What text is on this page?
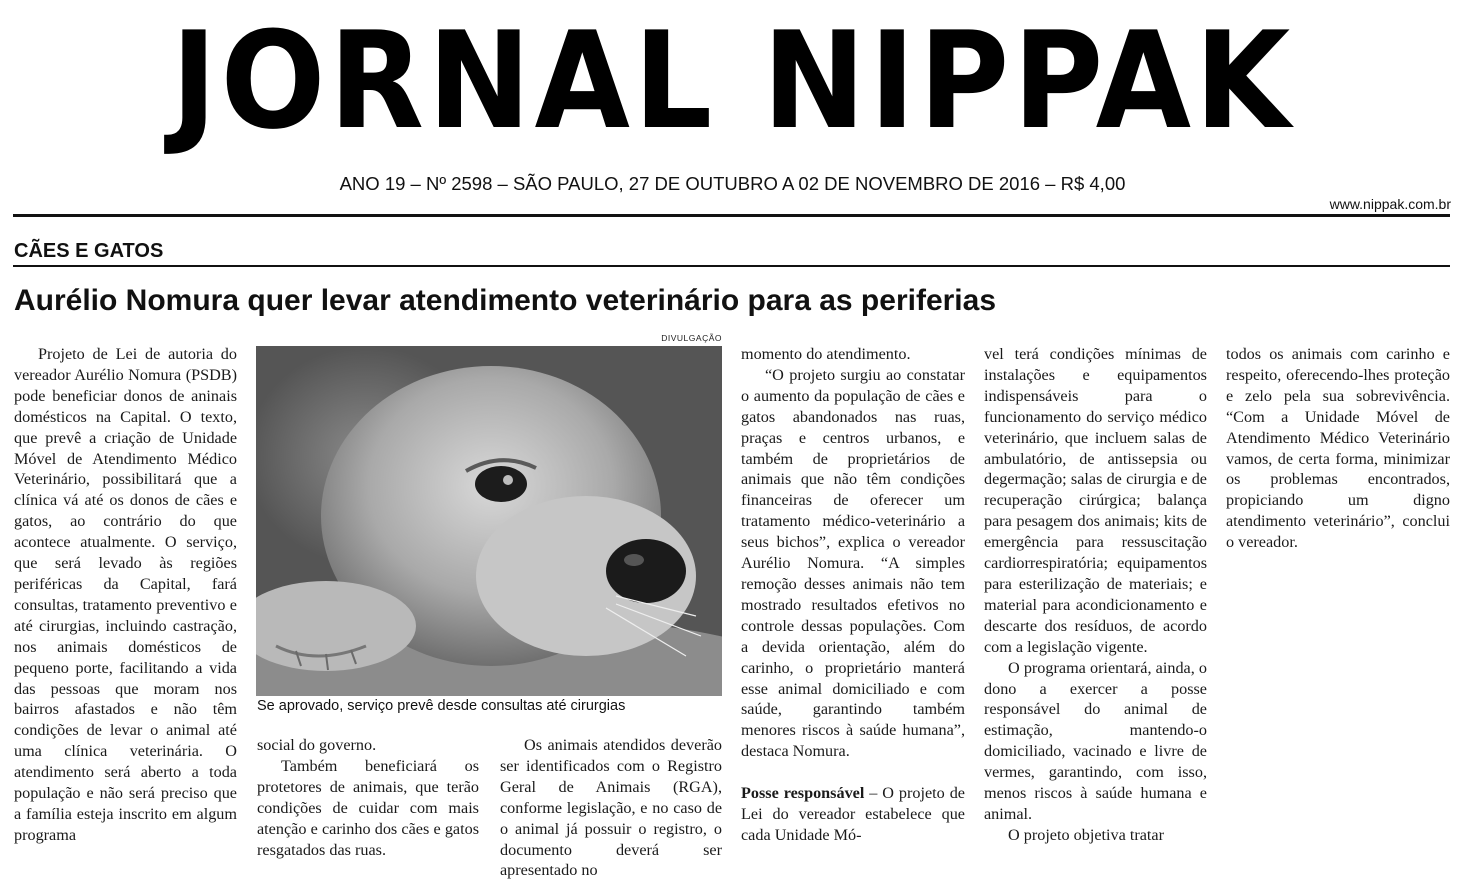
JORNAL NIPPAK
ANO 19 – Nº 2598 – SÃO PAULO, 27 DE OUTUBRO A 02 DE NOVEMBRO DE 2016 – R$ 4,00
www.nippak.com.br
CÃES E GATOS
Aurélio Nomura quer levar atendimento veterinário para as periferias

Projeto de Lei de autoria do vereador Aurélio Nomura (PSDB) pode beneficiar donos de aninais domésticos na Capital. O texto, que prevê a criação de Unidade Móvel de Atendimento Médico Veterinário, possibilitará que a clínica vá até os donos de cães e gatos, ao contrário do que acontece atualmente. O serviço, que será levado às regiões periféricas da Capital, fará consultas, tratamento preventivo e até cirurgias, incluindo castração, nos animais domésticos de pequeno porte, facilitando a vida das pessoas que moram nos bairros afastados e não têm condições de levar o animal até uma clínica veterinária. O atendimento será aberto a toda população e não será preciso que a família esteja inscrito em algum programa

DIVULGAÇÃO
Se aprovado, serviço prevê desde consultas até cirurgias

social do governo.

Também beneficiará os protetores de animais, que terão condições de cuidar com mais atenção e carinho dos cães e gatos resgatados das ruas.

Os animais atendidos deverão ser identificados com o Registro Geral de Animais (RGA), conforme legislação, e no caso de o animal já possuir o registro, o documento deverá ser apresentado no

momento do atendimento.

“O projeto surgiu ao constatar o aumento da população de cães e gatos abandonados nas ruas, praças e centros urbanos, e também de proprietários de animais que não têm condições financeiras de oferecer um tratamento médico-veterinário a seus bichos”, explica o vereador Aurélio Nomura. “A simples remoção desses animais não tem mostrado resultados efetivos no controle dessas populações. Com a devida orientação, além do carinho, o proprietário manterá esse animal domiciliado e com saúde, garantindo também menores riscos à saúde humana”, destaca Nomura.

Posse responsável – O projeto de Lei do vereador estabelece que cada Unidade Mó-

vel terá condições mínimas de instalações e equipamentos indispensáveis para o funcionamento do serviço médico veterinário, que incluem salas de ambulatório, de antissepsia ou degermação; salas de cirurgia e de recuperação cirúrgica; balança para pesagem dos animais; kits de emergência para ressuscitação cardiorrespiratória; equipamentos para esterilização de materiais; e material para acondicionamento e descarte dos resíduos, de acordo com a legislação vigente.

O programa orientará, ainda, o dono a exercer a posse responsável do animal de estimação, mantendo-o domiciliado, vacinado e livre de vermes, garantindo, com isso, menos riscos à saúde humana e animal.

O projeto objetiva tratar

todos os animais com carinho e respeito, oferecendo-lhes proteção e zelo pela sua sobrevivência. “Com a Unidade Móvel de Atendimento Médico Veterinário vamos, de certa forma, minimizar os problemas encontrados, propiciando um digno atendimento veterinário”, conclui o vereador.
